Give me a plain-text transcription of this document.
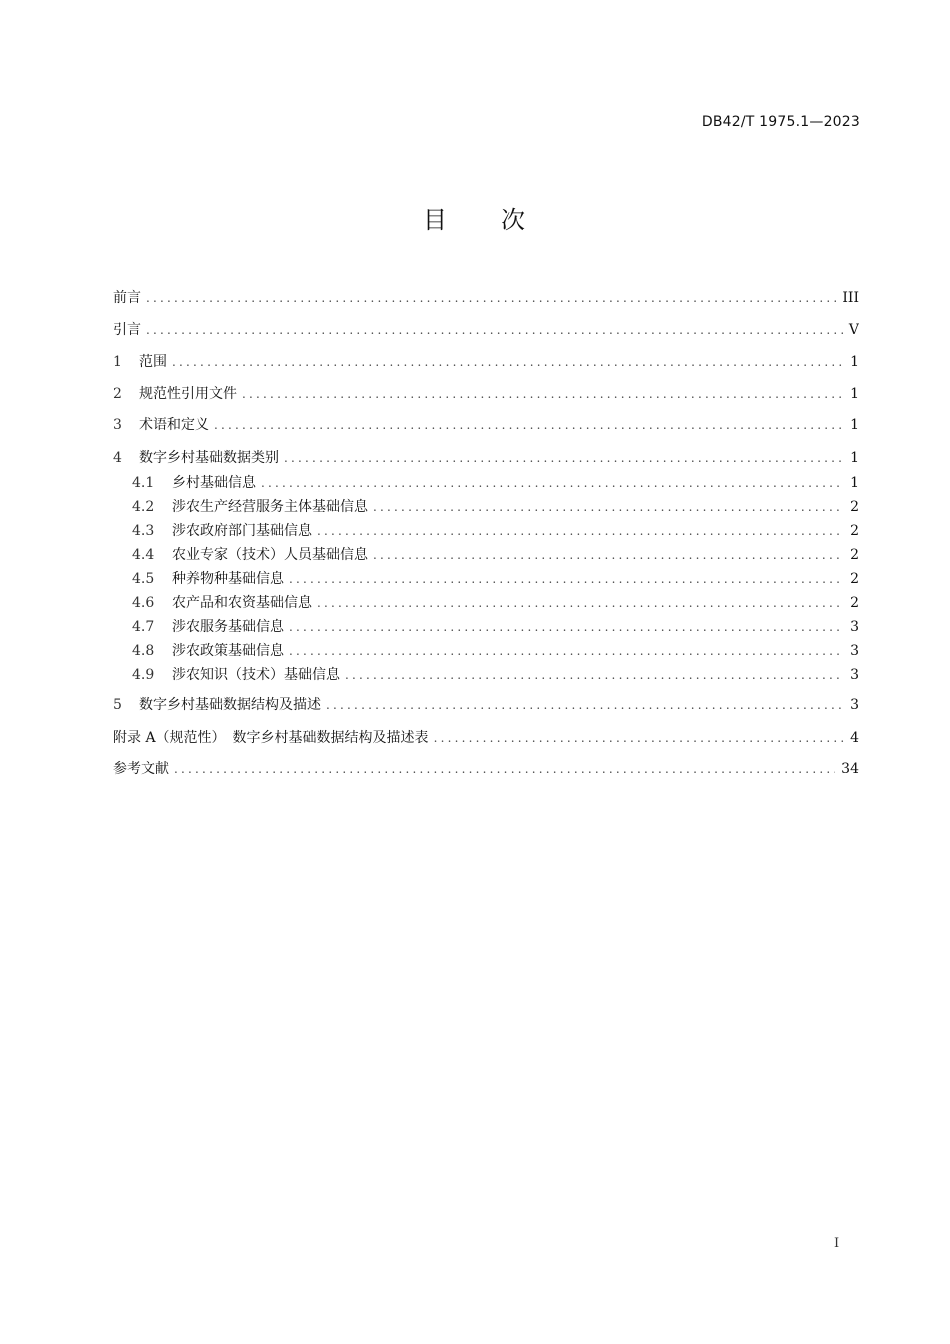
DB42/T 1975.1—2023
目 次
前言 .....	III
引言 .....	V
1	范围 .....	1
2	规范性引用文件 .....	1
3	术语和定义 .....	1
4	数字乡村基础数据类别 .....	1
4.1	乡村基础信息 .....	1
4.2	涉农生产经营服务主体基础信息 .....	2
4.3	涉农政府部门基础信息 .....	2
4.4	农业专家（技术）人员基础信息 .....	2
4.5	种养物种基础信息 .....	2
4.6	农产品和农资基础信息 .....	2
4.7	涉农服务基础信息 .....	3
4.8	涉农政策基础信息 .....	3
4.9	涉农知识（技术）基础信息 .....	3
5	数字乡村基础数据结构及描述 .....	3
附录 A（规范性）　数字乡村基础数据结构及描述表 .....	4
参考文献 .....	34
I
